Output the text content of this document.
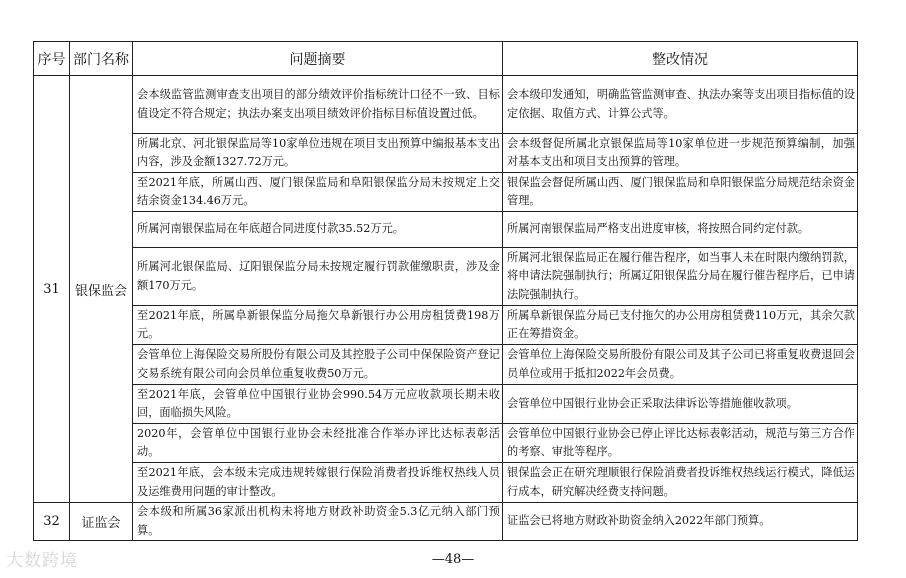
序号	部门名称	问题摘要	整改情况
31	银保监会	会本级监管监测审查支出项目的部分绩效评价指标统计口径不一致、目标值设定不符合规定；执法办案支出项目绩效评价指标目标值设置过低。	会本级印发通知，明确监管监测审查、执法办案等支出项目指标值的设定依据、取值方式、计算公式等。
		所属北京、河北银保监局等10家单位违规在项目支出预算中编报基本支出内容，涉及金额1327.72万元。	会本级督促所属北京银保监局等10家单位进一步规范预算编制，加强对基本支出和项目支出预算的管理。
		至2021年底，所属山西、厦门银保监局和阜阳银保监分局未按规定上交结余资金134.46万元。	银保监会督促所属山西、厦门银保监局和阜阳银保监分局规范结余资金管理。
		所属河南银保监局在年底超合同进度付款35.52万元。	所属河南银保监局严格支出进度审核，将按照合同约定付款。
		所属河北银保监局、辽阳银保监分局未按规定履行罚款催缴职责，涉及金额170万元。	所属河北银保监局正在履行催告程序，如当事人未在时限内缴纳罚款，将申请法院强制执行；所属辽阳银保监分局在履行催告程序后，已申请法院强制执行。
		至2021年底，所属阜新银保监分局拖欠阜新银行办公用房租赁费198万元。	所属阜新银保监分局已支付拖欠的办公用房租赁费110万元，其余欠款正在筹措资金。
		会管单位上海保险交易所股份有限公司及其控股子公司中保保险资产登记交易系统有限公司向会员单位重复收费50万元。	会管单位上海保险交易所股份有限公司及其子公司已将重复收费退回会员单位或用于抵扣2022年会员费。
		至2021年底，会管单位中国银行业协会990.54万元应收款项长期未收回，面临损失风险。	会管单位中国银行业协会正采取法律诉讼等措施催收款项。
		2020年，会管单位中国银行业协会未经批准合作举办评比达标表彰活动。	会管单位中国银行业协会已停止评比达标表彰活动，规范与第三方合作的考察、审批等程序。
		至2021年底，会本级未完成违规转嫁银行保险消费者投诉维权热线人员及运维费用问题的审计整改。	银保监会正在研究理顺银行保险消费者投诉维权热线运行模式，降低运行成本，研究解决经费支持问题。
32	证监会	会本级和所属36家派出机构未将地方财政补助资金5.3亿元纳入部门预算。	证监会已将地方财政补助资金纳入2022年部门预算。
—48—
大数跨境
